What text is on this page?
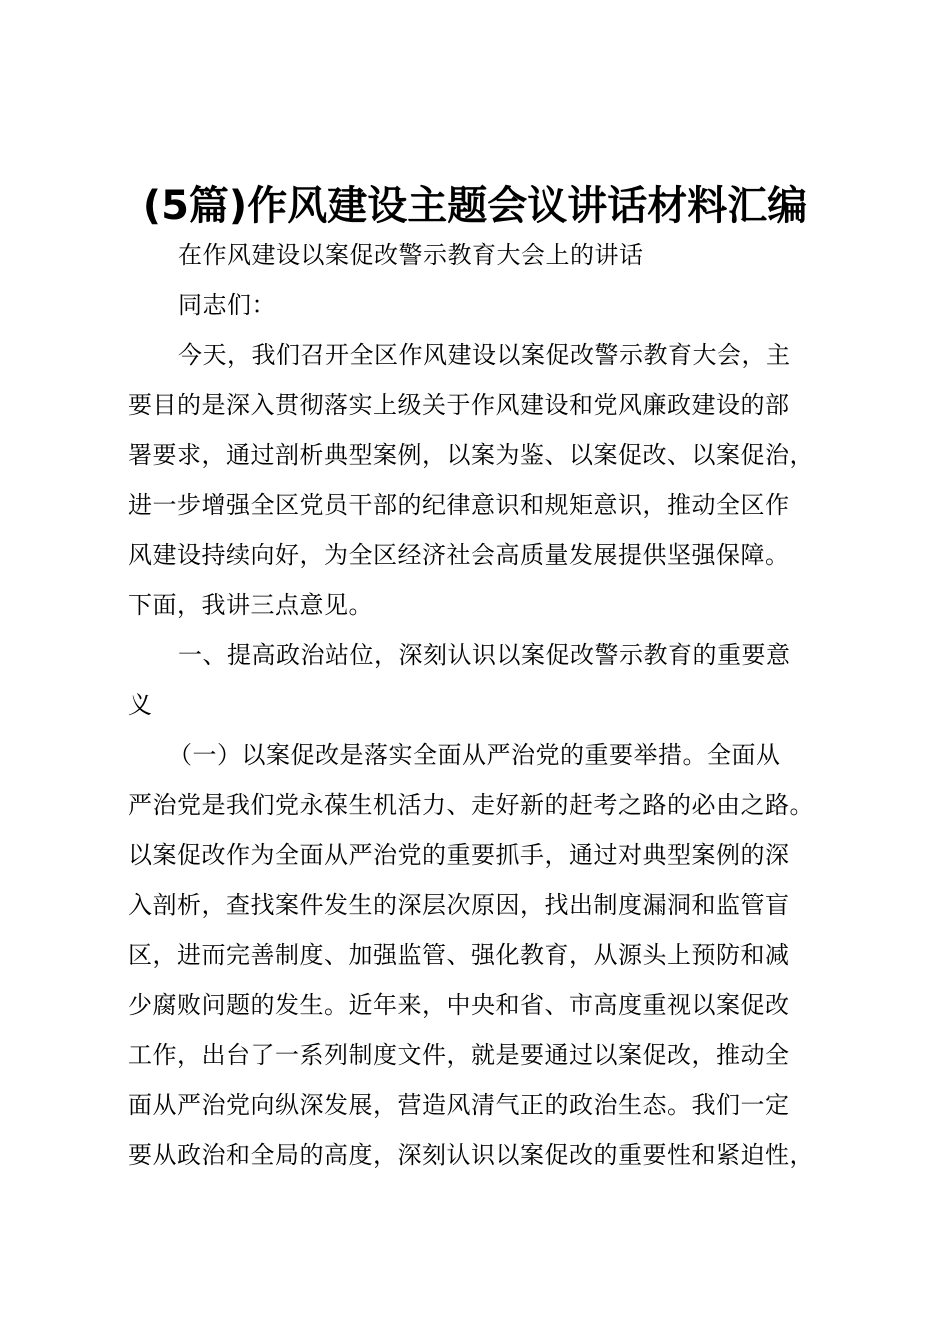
(5篇)作风建设主题会议讲话材料汇编
在作风建设以案促改警示教育大会上的讲话
同志们：
今天，我们召开全区作风建设以案促改警示教育大会，主
要目的是深入贯彻落实上级关于作风建设和党风廉政建设的部
署要求，通过剖析典型案例，以案为鉴、以案促改、以案促治，
进一步增强全区党员干部的纪律意识和规矩意识，推动全区作
风建设持续向好，为全区经济社会高质量发展提供坚强保障。
下面，我讲三点意见。
一、提高政治站位，深刻认识以案促改警示教育的重要意
义
（一）以案促改是落实全面从严治党的重要举措。全面从
严治党是我们党永葆生机活力、走好新的赶考之路的必由之路。
以案促改作为全面从严治党的重要抓手，通过对典型案例的深
入剖析，查找案件发生的深层次原因，找出制度漏洞和监管盲
区，进而完善制度、加强监管、强化教育，从源头上预防和减
少腐败问题的发生。近年来，中央和省、市高度重视以案促改
工作，出台了一系列制度文件，就是要通过以案促改，推动全
面从严治党向纵深发展，营造风清气正的政治生态。我们一定
要从政治和全局的高度，深刻认识以案促改的重要性和紧迫性，
